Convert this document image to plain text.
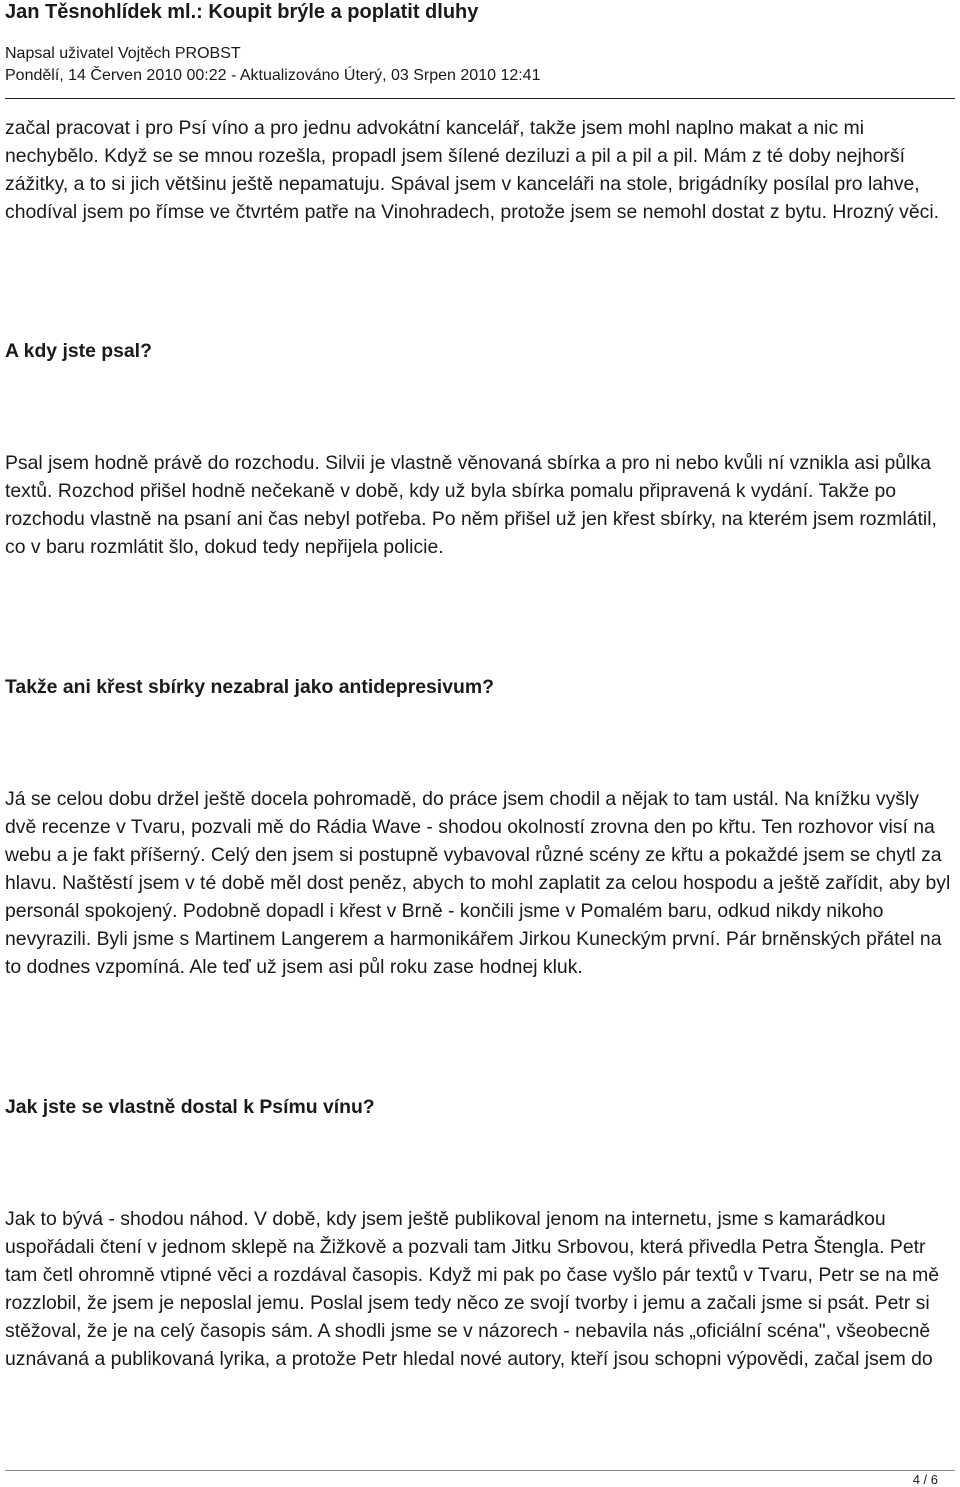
Jan Těsnohlídek ml.: Koupit brýle a poplatit dluhy
Napsal uživatel Vojtěch PROBST
Pondělí, 14 Červen 2010 00:22 - Aktualizováno Úterý, 03 Srpen 2010 12:41

začal pracovat i pro Psí víno a pro jednu advokátní kancelář, takže jsem mohl naplno makat a nic mi nechybělo. Když se se mnou rozešla, propadl jsem šílené deziluzi a pil a pil a pil. Mám z té doby nejhorší zážitky, a to si jich většinu ještě nepamatuju. Spával jsem v kanceláři na stole, brigádníky posílal pro lahve, chodíval jsem po římse ve čtvrtém patře na Vinohradech, protože jsem se nemohl dostat z bytu. Hrozný věci.

A kdy jste psal?

Psal jsem hodně právě do rozchodu. Silvii je vlastně věnovaná sbírka a pro ni nebo kvůli ní vznikla asi půlka textů. Rozchod přišel hodně nečekaně v době, kdy už byla sbírka pomalu připravená k vydání. Takže po rozchodu vlastně na psaní ani čas nebyl potřeba. Po něm přišel už jen křest sbírky, na kterém jsem rozmlátil, co v baru rozmlátit šlo, dokud tedy nepřijela policie.

Takže ani křest sbírky nezabral jako antidepresivum?

Já se celou dobu držel ještě docela pohromadě, do práce jsem chodil a nějak to tam ustál. Na knížku vyšly dvě recenze v Tvaru, pozvali mě do Rádia Wave - shodou okolností zrovna den po křtu. Ten rozhovor visí na webu a je fakt příšerný. Celý den jsem si postupně vybavoval různé scény ze křtu a pokaždé jsem se chytl za hlavu. Naštěstí jsem v té době měl dost peněz, abych to mohl zaplatit za celou hospodu a ještě zařídit, aby byl personál spokojený. Podobně dopadl i křest v Brně - končili jsme v Pomalém baru, odkud nikdy nikoho nevyrazili. Byli jsme s Martinem Langerem a harmonikářem Jirkou Kuneckým první. Pár brněnských přátel na to dodnes vzpomíná. Ale teď už jsem asi půl roku zase hodnej kluk.

Jak jste se vlastně dostal k Psímu vínu?

Jak to bývá - shodou náhod. V době, kdy jsem ještě publikoval jenom na internetu, jsme s kamarádkou uspořádali čtení v jednom sklepě na Žižkově a pozvali tam Jitku Srbovou, která přivedla Petra Štengla. Petr tam četl ohromně vtipné věci a rozdával časopis. Když mi pak po čase vyšlo pár textů v Tvaru, Petr se na mě rozzlobil, že jsem je neposlal jemu. Poslal jsem tedy něco ze svojí tvorby i jemu a začali jsme si psát. Petr si stěžoval, že je na celý časopis sám. A shodli jsme se v názorech - nebavila nás „oficiální scéna", všeobecně uznávaná a publikovaná lyrika, a protože Petr hledal nové autory, kteří jsou schopni výpovědi, začal jsem do

4 / 6
